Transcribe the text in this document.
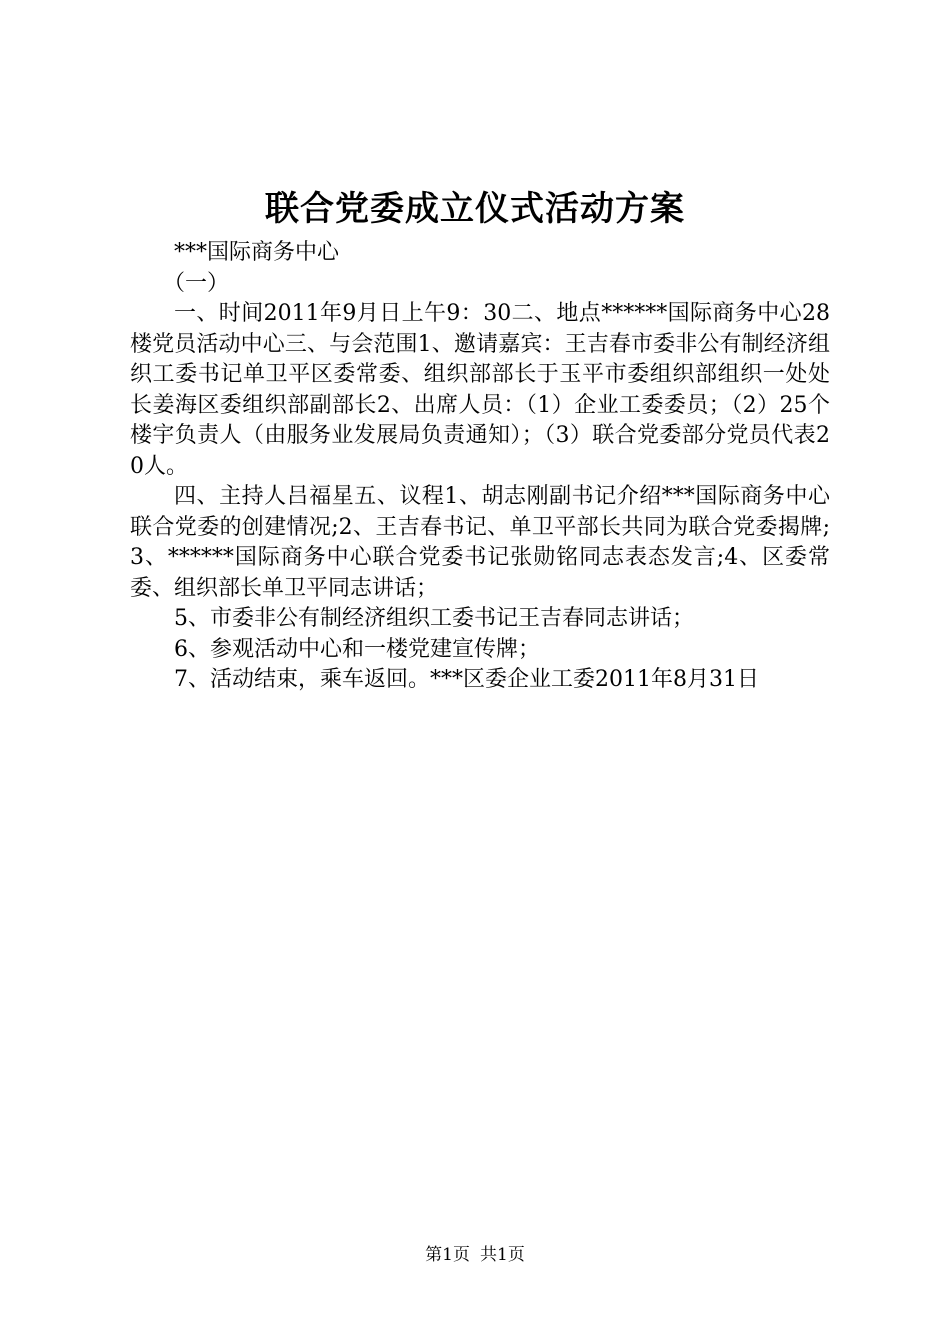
联合党委成立仪式活动方案

***国际商务中心

（一）

一、时间2011年9月日上午9：30二、地点******国际商务中心28楼党员活动中心三、与会范围1、邀请嘉宾：王吉春市委非公有制经济组织工委书记单卫平区委常委、组织部部长于玉平市委组织部组织一处处长姜海区委组织部副部长2、出席人员：（1）企业工委委员；（2）25个楼宇负责人（由服务业发展局负责通知）；（3）联合党委部分党员代表20人。

四、主持人吕福星五、议程1、胡志刚副书记介绍***国际商务中心联合党委的创建情况;2、王吉春书记、单卫平部长共同为联合党委揭牌;3、******国际商务中心联合党委书记张勋铭同志表态发言;4、区委常委、组织部长单卫平同志讲话；

5、市委非公有制经济组织工委书记王吉春同志讲话；

6、参观活动中心和一楼党建宣传牌；

7、活动结束，乘车返回。***区委企业工委2011年8月31日

第1页 共1页
